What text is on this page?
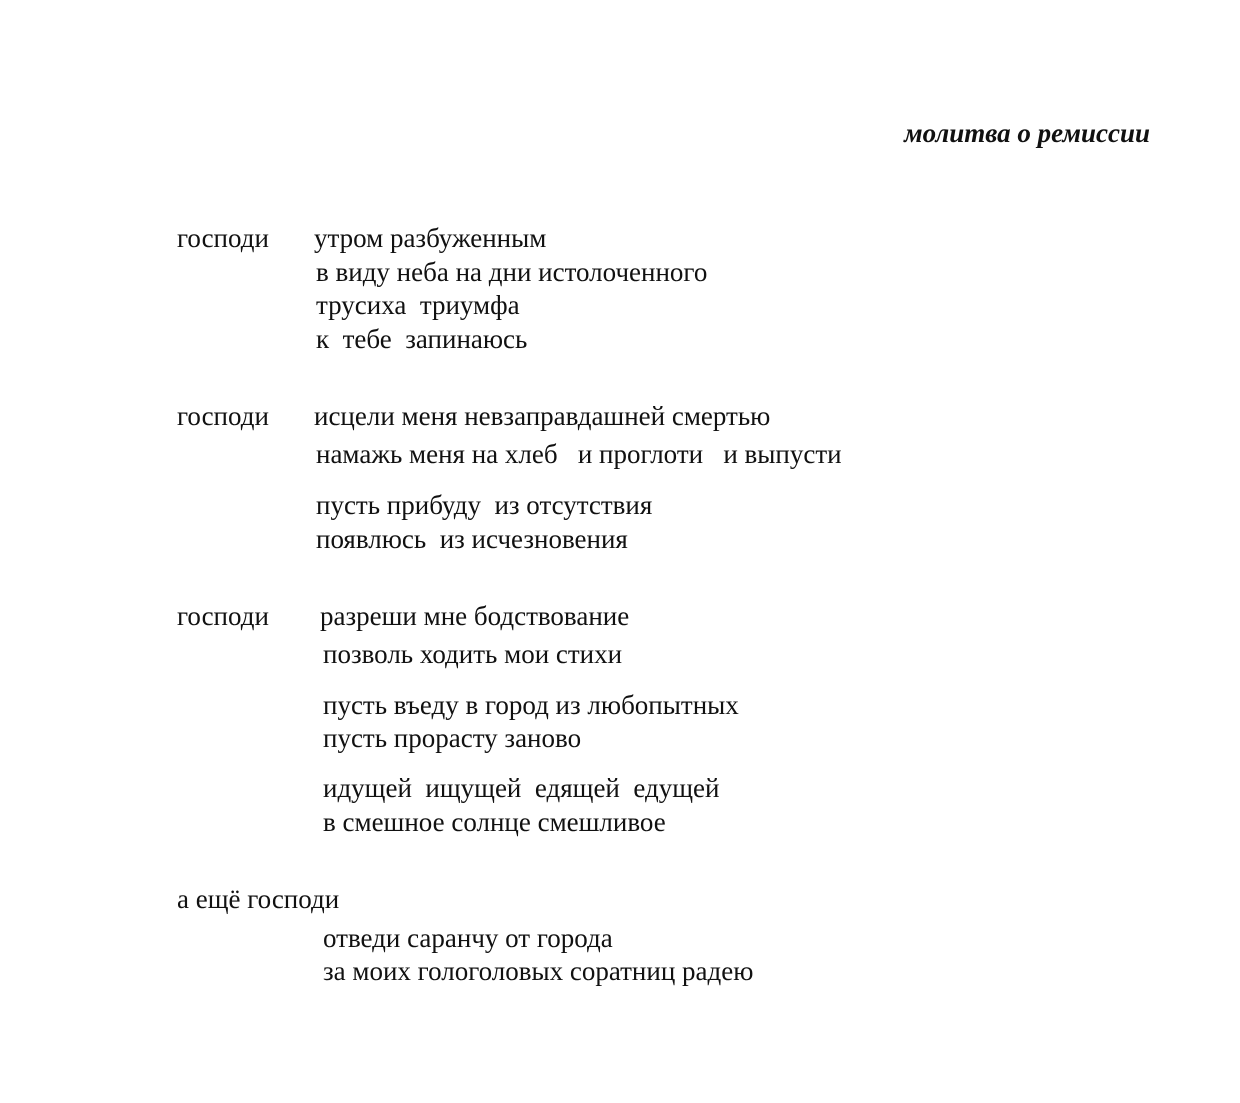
молитва о ремиссии
господи утром разбуженным
в виду неба на дни истолоченного
трусиха  триумфа
к  тебе  запинаюсь
господи исцели меня невзаправдашней смертью
намажь меня на хлеб   и проглоти   и выпусти
пусть прибуду  из отсутствия
появлюсь  из исчезновения
господи разреши мне бодствование
позволь ходить мои стихи
пусть въеду в город из любопытных
пусть прорасту заново
идущей  ищущей  едящей  едущей
в смешное солнце смешливое
а ещё господи
отведи саранчу от города
за моих гологоловых соратниц радею
